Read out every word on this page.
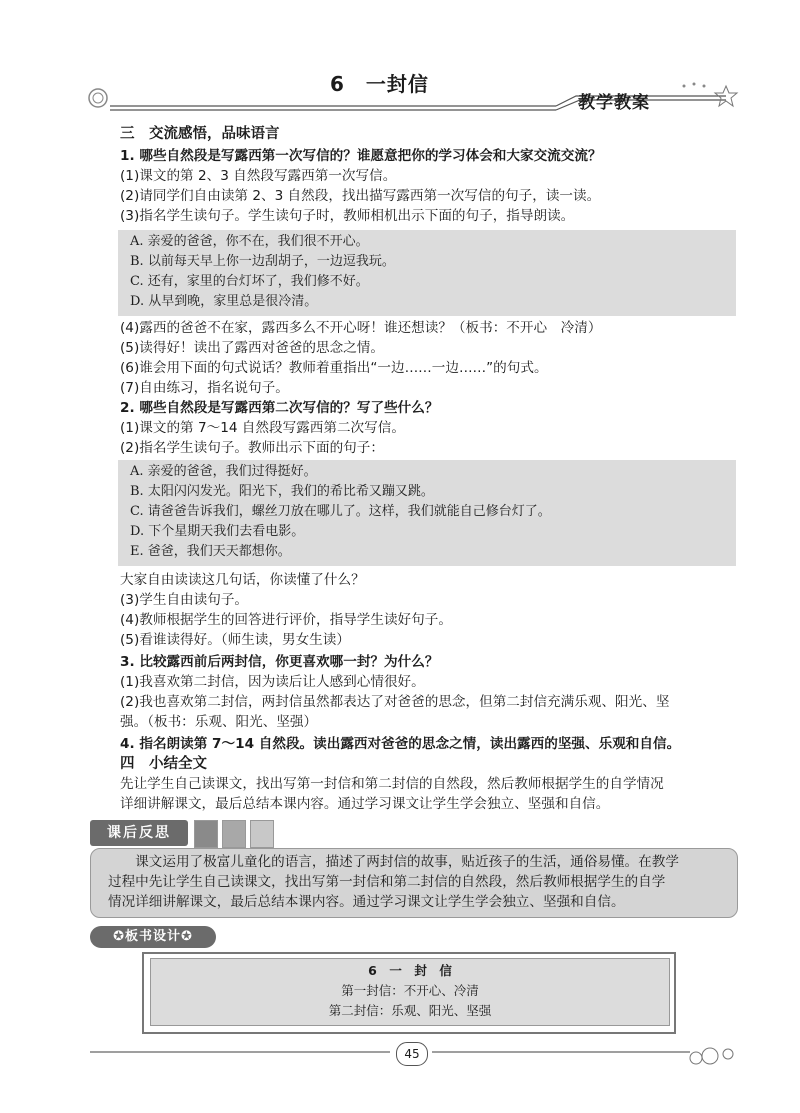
6　一封信
教学教案
三　交流感悟，品味语言
1. 哪些自然段是写露西第一次写信的？谁愿意把你的学习体会和大家交流交流？
(1)课文的第 2、3 自然段写露西第一次写信。
(2)请同学们自由读第 2、3 自然段，找出描写露西第一次写信的句子，读一读。
(3)指名学生读句子。学生读句子时，教师相机出示下面的句子，指导朗读。
A. 亲爱的爸爸，你不在，我们很不开心。
B. 以前每天早上你一边刮胡子，一边逗我玩。
C. 还有，家里的台灯坏了，我们修不好。
D. 从早到晚，家里总是很冷清。
(4)露西的爸爸不在家，露西多么不开心呀！谁还想读？（板书：不开心　冷清）
(5)读得好！读出了露西对爸爸的思念之情。
(6)谁会用下面的句式说话？教师着重指出“一边……一边……”的句式。
(7)自由练习，指名说句子。
2. 哪些自然段是写露西第二次写信的？写了些什么？
(1)课文的第 7～14 自然段写露西第二次写信。
(2)指名学生读句子。教师出示下面的句子：
A. 亲爱的爸爸，我们过得挺好。
B. 太阳闪闪发光。阳光下，我们的希比希又蹦又跳。
C. 请爸爸告诉我们，螺丝刀放在哪儿了。这样，我们就能自己修台灯了。
D. 下个星期天我们去看电影。
E. 爸爸，我们天天都想你。
大家自由读读这几句话，你读懂了什么？
(3)学生自由读句子。
(4)教师根据学生的回答进行评价，指导学生读好句子。
(5)看谁读得好。（师生读，男女生读）
3. 比较露西前后两封信，你更喜欢哪一封？为什么？
(1)我喜欢第二封信，因为读后让人感到心情很好。
(2)我也喜欢第二封信，两封信虽然都表达了对爸爸的思念，但第二封信充满乐观、阳光、坚
强。（板书：乐观、阳光、坚强）
4. 指名朗读第 7～14 自然段。读出露西对爸爸的思念之情，读出露西的坚强、乐观和自信。
四　小结全文
先让学生自己读课文，找出写第一封信和第二封信的自然段，然后教师根据学生的自学情况
详细讲解课文，最后总结本课内容。通过学习课文让学生学会独立、坚强和自信。
课后反思
　　课文运用了极富儿童化的语言，描述了两封信的故事，贴近孩子的生活，通俗易懂。在教学
过程中先让学生自己读课文，找出写第一封信和第二封信的自然段，然后教师根据学生的自学
情况详细讲解课文，最后总结本课内容。通过学习课文让学生学会独立、坚强和自信。
✪板书设计✪
6　一　封　信
第一封信：不开心、冷清
第二封信：乐观、阳光、坚强
45
